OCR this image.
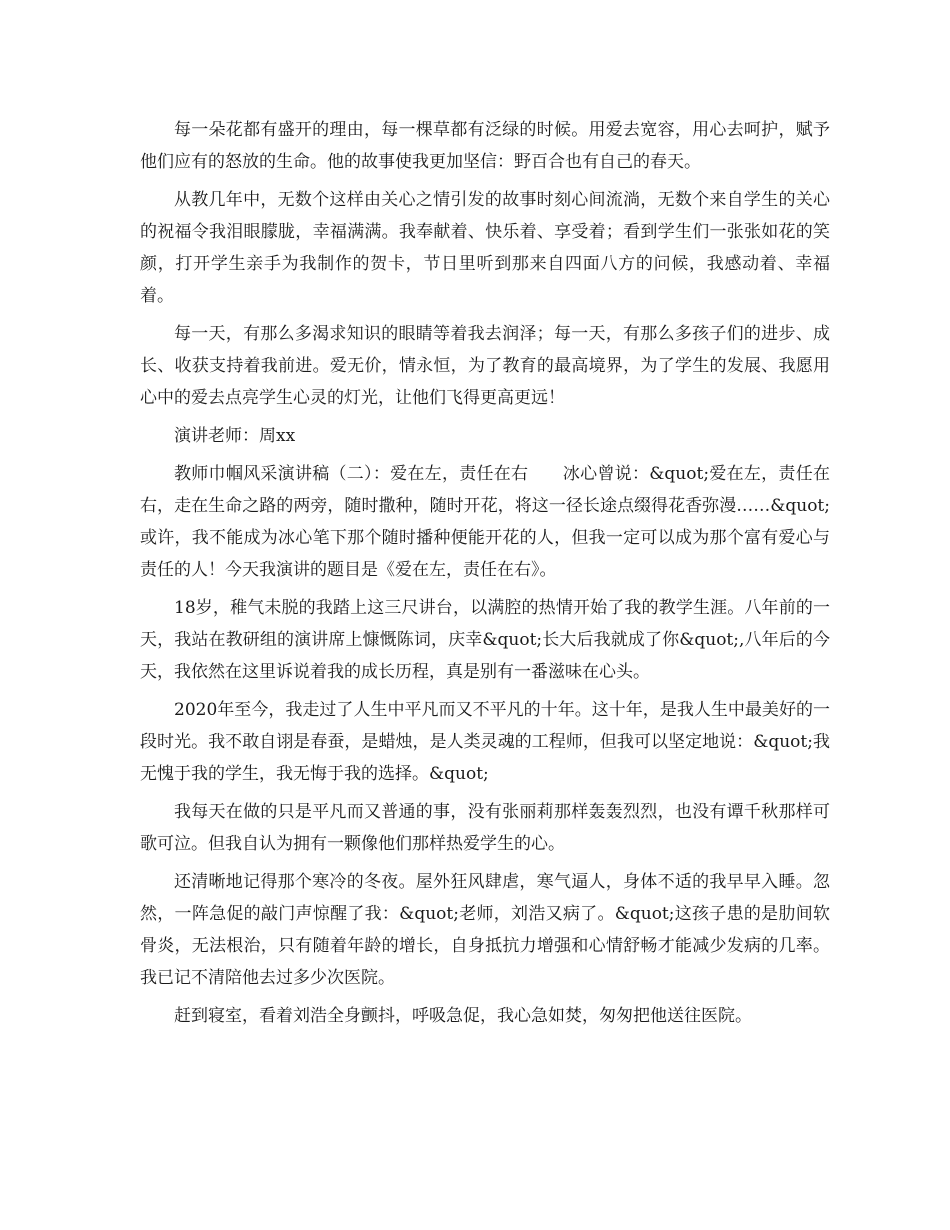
每一朵花都有盛开的理由，每一棵草都有泛绿的时候。用爱去宽容，用心去呵护，赋予他们应有的怒放的生命。他的故事使我更加坚信：野百合也有自己的春天。

从教几年中，无数个这样由关心之情引发的故事时刻心间流淌，无数个来自学生的关心的祝福令我泪眼朦胧，幸福满满。我奉献着、快乐着、享受着；看到学生们一张张如花的笑颜，打开学生亲手为我制作的贺卡，节日里听到那来自四面八方的问候，我感动着、幸福着。

每一天，有那么多渴求知识的眼睛等着我去润泽；每一天，有那么多孩子们的进步、成长、收获支持着我前进。爱无价，情永恒，为了教育的最高境界，为了学生的发展、我愿用心中的爱去点亮学生心灵的灯光，让他们飞得更高更远！

演讲老师：周xx

教师巾帼风采演讲稿（二）：爱在左，责任在右　　冰心曾说：&quot;爱在左，责任在右，走在生命之路的两旁，随时撒种，随时开花，将这一径长途点缀得花香弥漫……&quot;或许，我不能成为冰心笔下那个随时播种便能开花的人，但我一定可以成为那个富有爱心与责任的人！今天我演讲的题目是《爱在左，责任在右》。

18岁，稚气未脱的我踏上这三尺讲台，以满腔的热情开始了我的教学生涯。八年前的一天，我站在教研组的演讲席上慷慨陈词，庆幸&quot;长大后我就成了你&quot;,八年后的今天，我依然在这里诉说着我的成长历程，真是别有一番滋味在心头。

2020年至今，我走过了人生中平凡而又不平凡的十年。这十年，是我人生中最美好的一段时光。我不敢自诩是春蚕，是蜡烛，是人类灵魂的工程师，但我可以坚定地说：&quot;我无愧于我的学生，我无悔于我的选择。&quot;

我每天在做的只是平凡而又普通的事，没有张丽莉那样轰轰烈烈，也没有谭千秋那样可歌可泣。但我自认为拥有一颗像他们那样热爱学生的心。

还清晰地记得那个寒冷的冬夜。屋外狂风肆虐，寒气逼人，身体不适的我早早入睡。忽然，一阵急促的敲门声惊醒了我：&quot;老师，刘浩又病了。&quot;这孩子患的是肋间软骨炎，无法根治，只有随着年龄的增长，自身抵抗力增强和心情舒畅才能减少发病的几率。我已记不清陪他去过多少次医院。

赶到寝室，看着刘浩全身颤抖，呼吸急促，我心急如焚，匆匆把他送往医院。
